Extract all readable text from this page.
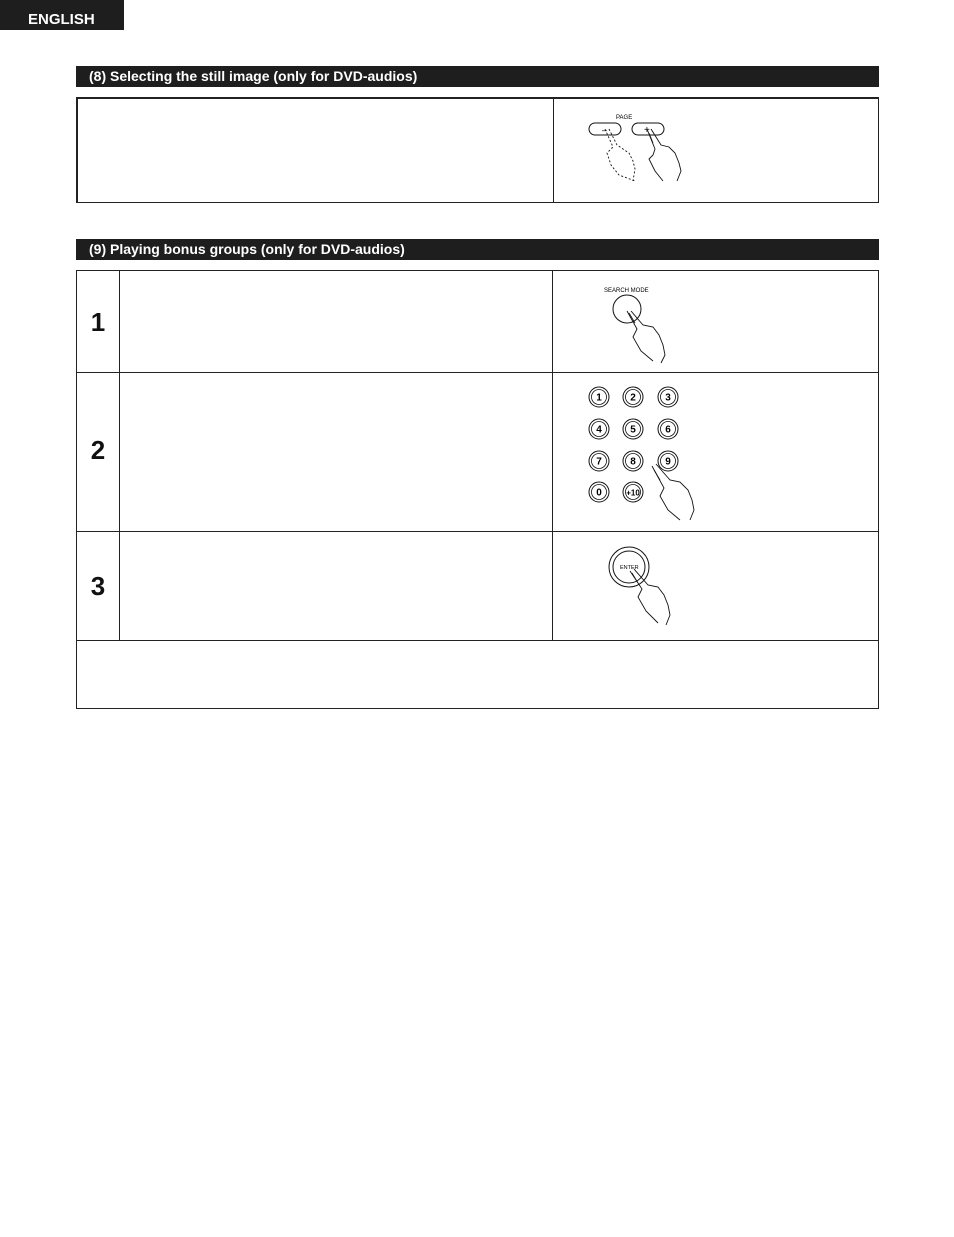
ENGLISH
(8) Selecting the still image (only for DVD-audios)
PAGE
–	+
(9) Playing bonus groups (only for DVD-audios)
1
2
3
SEARCH MODE
1	2	3
4	5	6
7	8	9
0	+10
ENTER
